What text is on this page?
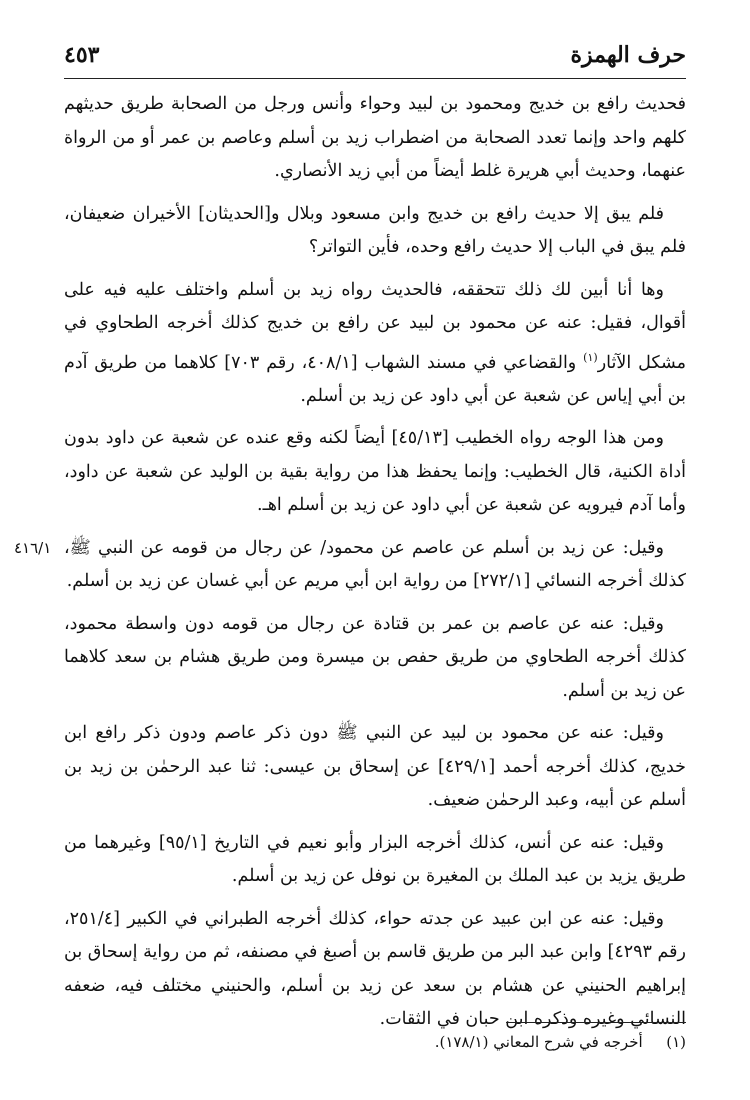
حرف الهمزة
٤٥٣

فحديث رافع بن خديج ومحمود بن لبيد وحواء وأنس ورجل من الصحابة طريق حديثهم كلهم واحد وإنما تعدد الصحابة من اضطراب زيد بن أسلم وعاصم بن عمر أو من الرواة عنهما، وحديث أبي هريرة غلط أيضاً من أبي زيد الأنصاري.

فلم يبق إلا حديث رافع بن خديج وابن مسعود وبلال و[الحديثان] الأخيران ضعيفان، فلم يبق في الباب إلا حديث رافع وحده، فأين التواتر؟

وها أنا أبين لك ذلك تتحققه، فالحديث رواه زيد بن أسلم واختلف عليه فيه على أقوال، فقيل: عنه عن محمود بن لبيد عن رافع بن خديج كذلك أخرجه الطحاوي في مشكل الآثار$^{(١)}$ والقضاعي في مسند الشهاب [٤٠٨/١، رقم ٧٠٣] كلاهما من طريق آدم بن أبي إياس عن شعبة عن أبي داود عن زيد بن أسلم.

ومن هذا الوجه رواه الخطيب [٤٥/١٣] أيضاً لكنه وقع عنده عن شعبة عن داود بدون أداة الكنية، قال الخطيب: وإنما يحفظ هذا من رواية بقية بن الوليد عن شعبة عن داود، وأما آدم فيرويه عن شعبة عن أبي داود عن زيد بن أسلم اهـ.

٤١٦/١ وقيل: عن زيد بن أسلم عن عاصم عن محمود/ عن رجال من قومه عن النبي ﷺ، كذلك أخرجه النسائي [٢٧٢/١] من رواية ابن أبي مريم عن أبي غسان عن زيد بن أسلم.

وقيل: عنه عن عاصم بن عمر بن قتادة عن رجال من قومه دون واسطة محمود، كذلك أخرجه الطحاوي من طريق حفص بن ميسرة ومن طريق هشام بن سعد كلاهما عن زيد بن أسلم.

وقيل: عنه عن محمود بن لبيد عن النبي ﷺ دون ذكر عاصم ودون ذكر رافع ابن خديج، كذلك أخرجه أحمد [٤٢٩/١] عن إسحاق بن عيسى: ثنا عبد الرحمٰن بن زيد بن أسلم عن أبيه، وعبد الرحمٰن ضعيف.

وقيل: عنه عن أنس، كذلك أخرجه البزار وأبو نعيم في التاريخ [٩٥/١] وغيرهما من طريق يزيد بن عبد الملك بن المغيرة بن نوفل عن زيد بن أسلم.

وقيل: عنه عن ابن عبيد عن جدته حواء، كذلك أخرجه الطبراني في الكبير [٢٥١/٤، رقم ٤٢٩٣] وابن عبد البر من طريق قاسم بن أصبغ في مصنفه، ثم من رواية إسحاق بن إبراهيم الحنيني عن هشام بن سعد عن زيد بن أسلم، والحنيني مختلف فيه، ضعفه النسائي وغيره وذكره ابن حبان في الثقات.

(١)  أخرجه في شرح المعاني (١٧٨/١).
